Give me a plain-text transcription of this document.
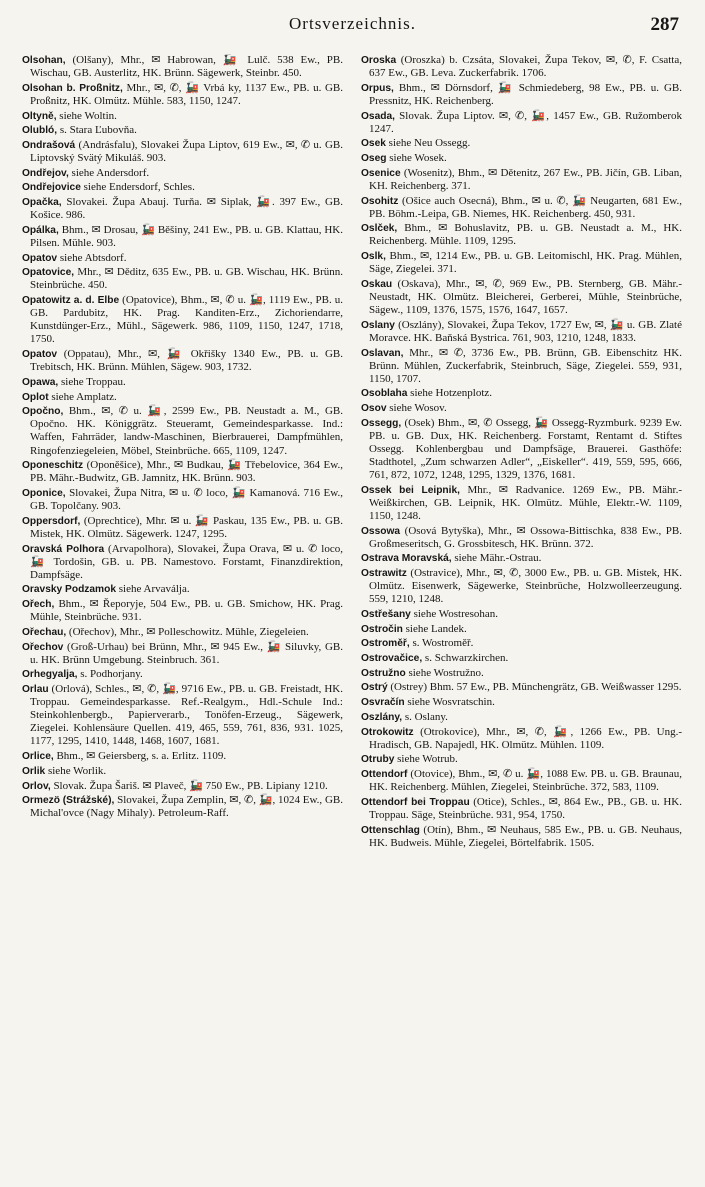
Ortsverzeichnis.	287

Olsohan, (Olšany), Mhr., ✉ Habrowan, 🚂 Lulč. 538 Ew., PB. Wischau, GB. Austerlitz, HK. Brünn. Sägewerk, Steinbr. 450.

Olsohan b. Proßnitz, Mhr., ✉, ✆, 🚂 Vrbá ky, 1137 Ew., PB. u. GB. Proßnitz, HK. Olmütz. Mühle. 583, 1150, 1247.

Oltyně, siehe Woltin.

Olubló, s. Stara Ľubovňa.

Ondrašová (Andrásfalu), Slovakei Župa Liptov, 619 Ew., ✉, ✆ u. GB. Liptovský Svätý Mikuláš. 903.

Ondřejov, siehe Andersdorf.

Ondřejovice siehe Endersdorf, Schles.

Opačka, Slovakei. Župa Abauj. Turňa. ✉ Siplak, 🚂. 397 Ew., GB. Košice. 986.

Opálka, Bhm., ✉ Drosau, 🚂 Běšiny, 241 Ew., PB. u. GB. Klattau, HK. Pilsen. Mühle. 903.

Opatov siehe Abtsdorf.

Opatovice, Mhr., ✉ Děditz, 635 Ew., PB. u. GB. Wischau, HK. Brünn. Steinbrüche. 450.

Opatowitz a. d. Elbe (Opatovice), Bhm., ✉, ✆ u. 🚂, 1119 Ew., PB. u. GB. Pardubitz, HK. Prag. Kanditen-Erz., Zichoriendarre, Kunstdünger-Erz., Mühl., Sägewerk. 986, 1109, 1150, 1247, 1718, 1750.

Opatov (Oppatau), Mhr., ✉, 🚂 Okřišky 1340 Ew., PB. u. GB. Trebitsch, HK. Brünn. Mühlen, Sägew. 903, 1732.

Opawa, siehe Troppau.

Oplot siehe Amplatz.

Opočno, Bhm., ✉, ✆ u. 🚂, 2599 Ew., PB. Neustadt a. M., GB. Opočno. HK. Königgrätz. Steueramt, Gemeindesparkasse. Ind.: Waffen, Fahrräder, landw-Maschinen, Bierbrauerei, Dampfmühlen, Ringofenziegeleien, Möbel, Steinbrüche. 665, 1109, 1247.

Oponeschitz (Oponěšice), Mhr., ✉ Budkau, 🚂 Třebelovice, 364 Ew., PB. Mähr.-Budwitz, GB. Jamnitz, HK. Brünn. 903.

Oponice, Slovakei, Župa Nitra, ✉ u. ✆ loco, 🚂 Kamanová. 716 Ew., GB. Topolčany. 903.

Oppersdorf, (Oprechtice), Mhr. ✉ u. 🚂 Paskau, 135 Ew., PB. u. GB. Mistek, HK. Olmütz. Sägewerk. 1247, 1295.

Oravská Polhora (Arvapolhora), Slovakei, Župa Orava, ✉ u. ✆ loco, 🚂 Tordošin, GB. u. PB. Namestovo. Forstamt, Finanzdirektion, Dampfsäge.

Oravsky Podzamok siehe Arvaválja.

Ořech, Bhm., ✉ Řeporyje, 504 Ew., PB. u. GB. Smichow, HK. Prag. Mühle, Steinbrüche. 931.

Ořechau, (Ořechov), Mhr., ✉ Polleschowitz. Mühle, Ziegeleien.

Ořechov (Groß-Urhau) bei Brünn, Mhr., ✉ 945 Ew., 🚂 Siluvky, GB. u. HK. Brünn Umgebung. Steinbruch. 361.

Orhegyalja, s. Podhorjany.

Orlau (Orlová), Schles., ✉, ✆, 🚂, 9716 Ew., PB. u. GB. Freistadt, HK. Troppau. Gemeindesparkasse. Ref.-Realgym., Hdl.-Schule Ind.: Steinkohlenbergb., Papierverarb., Tonöfen-Erzeug., Sägewerk, Ziegelei. Kohlensäure Quellen. 419, 465, 559, 761, 836, 931. 1025, 1177, 1295, 1410, 1448, 1468, 1607, 1681.

Orlice, Bhm., ✉ Geiersberg, s. a. Erlitz. 1109.

Orlik siehe Worlik.

Orlov, Slovak. Župa Šariš. ✉ Plaveč, 🚂 750 Ew., PB. Lipiany 1210.

Ormezö (Strážské), Slovakei, Župa Zemplin, ✉, ✆, 🚂, 1024 Ew., GB. Michal'ovce (Nagy Mihaly). Petroleum-Raff.

Oroska (Oroszka) b. Czsáta, Slovakei, Župa Tekov, ✉, ✆, F. Csatta, 637 Ew., GB. Leva. Zuckerfabrik. 1706.

Orpus, Bhm., ✉ Dörnsdorf, 🚂 Schmiedeberg, 98 Ew., PB. u. GB. Pressnitz, HK. Reichenberg.

Osada, Slovak. Župa Liptov. ✉, ✆, 🚂, 1457 Ew., GB. Ružomberok 1247.

Osek siehe Neu Ossegg.

Oseg siehe Wosek.

Osenice (Wosenitz), Bhm., ✉ Dětenitz, 267 Ew., PB. Jičín, GB. Liban, KH. Reichenberg. 371.

Osohitz (Ošice auch Osecná), Bhm., ✉ u. ✆, 🚂 Neugarten, 681 Ew., PB. Böhm.-Leipa, GB. Niemes, HK. Reichenberg. 450, 931.

Oslček, Bhm., ✉ Bohuslavitz, PB. u. GB. Neustadt a. M., HK. Reichenberg. Mühle. 1109, 1295.

Oslk, Bhm., ✉, 1214 Ew., PB. u. GB. Leitomischl, HK. Prag. Mühlen, Säge, Ziegelei. 371.

Oskau (Oskava), Mhr., ✉, ✆, 969 Ew., PB. Sternberg, GB. Mähr.-Neustadt, HK. Olmütz. Bleicherei, Gerberei, Mühle, Steinbrüche, Sägew., 1109, 1376, 1575, 1576, 1647, 1657.

Oslany (Oszlány), Slovakei, Župa Tekov, 1727 Ew, ✉, 🚂 u. GB. Zlaté Moravce. HK. Baňská Bystrica. 761, 903, 1210, 1248, 1833.

Oslavan, Mhr., ✉ ✆, 3736 Ew., PB. Brünn, GB. Eibenschitz HK. Brünn. Mühlen, Zuckerfabrik, Steinbruch, Säge, Ziegelei. 559, 931, 1150, 1707.

Osoblaha siehe Hotzenplotz.

Osov siehe Wosov.

Ossegg, (Osek) Bhm., ✉, ✆ Ossegg, 🚂 Ossegg-Ryzmburk. 9239 Ew. PB. u. GB. Dux, HK. Reichenberg. Forstamt, Rentamt d. Stiftes Ossegg. Kohlenbergbau und Dampfsäge, Brauerei. Gasthöfe: Stadthotel, „Zum schwarzen Adler“, „Eiskeller“. 419, 559, 595, 666, 761, 872, 1072, 1248, 1295, 1329, 1376, 1681.

Ossek bei Leipnik, Mhr., ✉ Radvanice. 1269 Ew., PB. Mähr.-Weißkirchen, GB. Leipnik, HK. Olmütz. Mühle, Elektr.-W. 1109, 1150, 1248.

Ossowa (Osová Bytyška), Mhr., ✉ Ossowa-Bittischka, 838 Ew., PB. Großmeseritsch, G. Grossbitesch, HK. Brünn. 372.

Ostrava Moravská, siehe Mähr.-Ostrau.

Ostrawitz (Ostravice), Mhr., ✉, ✆, 3000 Ew., PB. u. GB. Mistek, HK. Olmütz. Eisenwerk, Sägewerke, Steinbrüche, Holzwolleerzeugung. 559, 1210, 1248.

Ostřešany siehe Wostresohan.

Ostročin siehe Landek.

Ostroměř, s. Wostroměř.

Ostrovačice, s. Schwarzkirchen.

Ostružno siehe Wostružno.

Ostrý (Ostrey) Bhm. 57 Ew., PB. Münchengrätz, GB. Weißwasser 1295.

Osvračín siehe Wosvratschin.

Oszlány, s. Oslany.

Otrokowitz (Otrokovice), Mhr., ✉, ✆, 🚂, 1266 Ew., PB. Ung.-Hradisch, GB. Napajedl, HK. Olmütz. Mühlen. 1109.

Otruby siehe Wotrub.

Ottendorf (Otovice), Bhm., ✉, ✆ u. 🚂, 1088 Ew. PB. u. GB. Braunau, HK. Reichenberg. Mühlen, Ziegelei, Steinbrüche. 372, 583, 1109.

Ottendorf bei Troppau (Otice), Schles., ✉, 864 Ew., PB., GB. u. HK. Troppau. Säge, Steinbrüche. 931, 954, 1750.

Ottenschlag (Otín), Bhm., ✉ Neuhaus, 585 Ew., PB. u. GB. Neuhaus, HK. Budweis. Mühle, Ziegelei, Börtelfabrik. 1505.
